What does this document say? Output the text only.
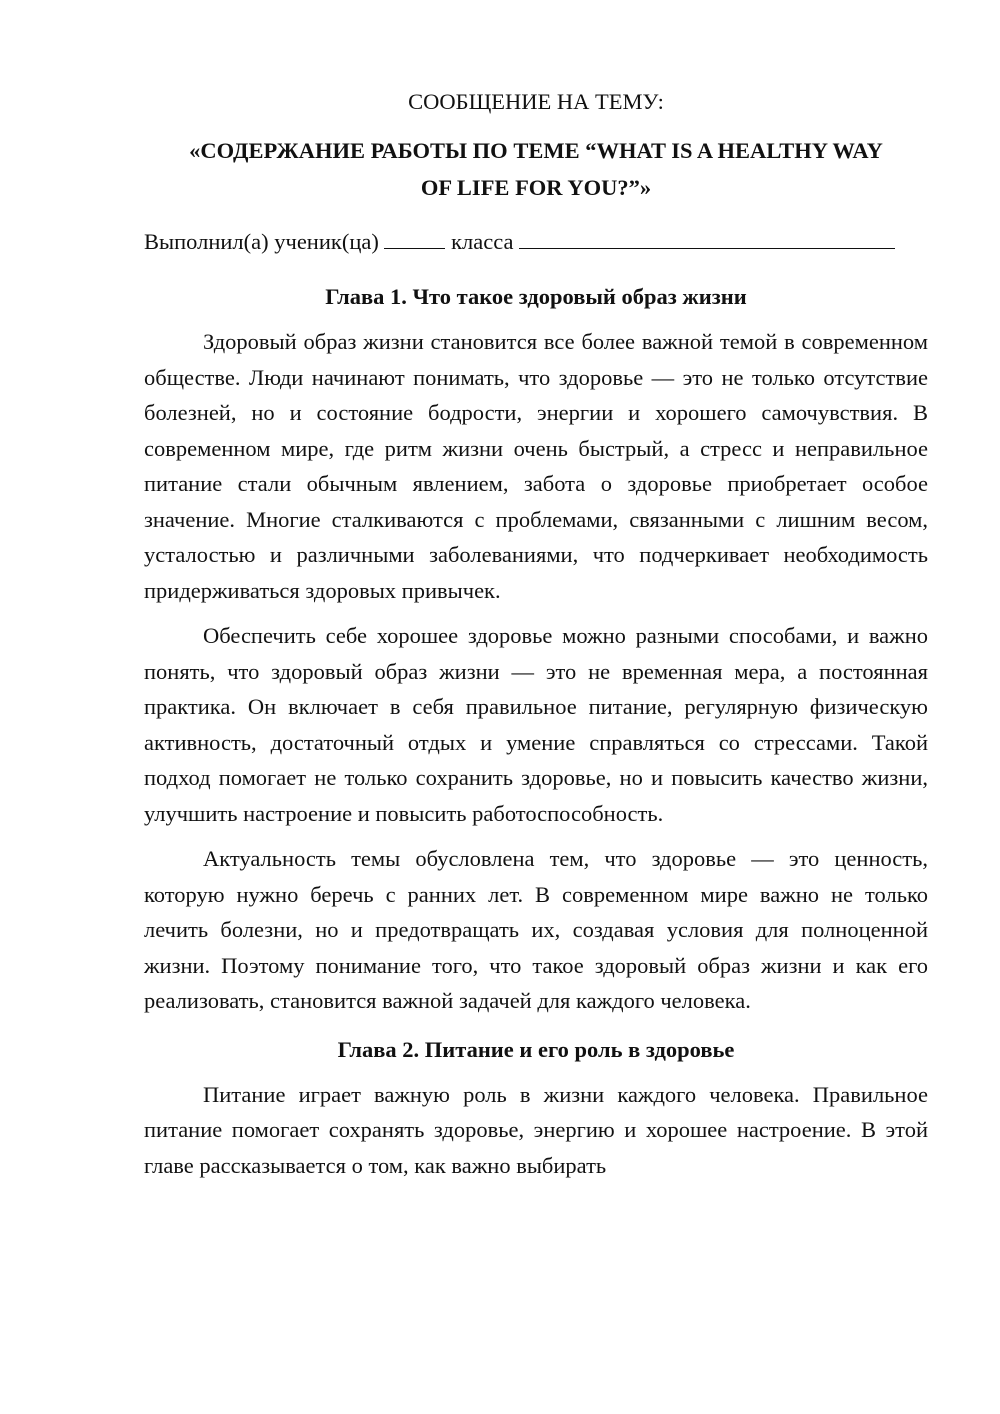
СООБЩЕНИЕ НА ТЕМУ:

«СОДЕРЖАНИЕ РАБОТЫ ПО ТЕМЕ “WHAT IS A HEALTHY WAY

OF LIFE FOR YOU?”»

Выполнил(а) ученик(ца)	класса
Глава 1. Что такое здоровый образ жизни

Здоровый образ жизни становится все более важной темой в современном обществе. Люди начинают понимать, что здоровье — это не только отсутствие болезней, но и состояние бодрости, энергии и хорошего самочувствия. В современном мире, где ритм жизни очень быстрый, а стресс и неправильное питание стали обычным явлением, забота о здоровье приобретает особое значение. Многие сталкиваются с проблемами, связанными с лишним весом, усталостью и различными заболеваниями, что подчеркивает необходимость придерживаться здоровых привычек.

Обеспечить себе хорошее здоровье можно разными способами, и важно понять, что здоровый образ жизни — это не временная мера, а постоянная практика. Он включает в себя правильное питание, регулярную физическую активность, достаточный отдых и умение справляться со стрессами. Такой подход помогает не только сохранить здоровье, но и повысить качество жизни, улучшить настроение и повысить работоспособность.

Актуальность темы обусловлена тем, что здоровье — это ценность, которую нужно беречь с ранних лет. В современном мире важно не только лечить болезни, но и предотвращать их, создавая условия для полноценной жизни. Поэтому понимание того, что такое здоровый образ жизни и как его реализовать, становится важной задачей для каждого человека.

Глава 2. Питание и его роль в здоровье

Питание играет важную роль в жизни каждого человека. Правильное питание помогает сохранять здоровье, энергию и хорошее настроение. В этой главе рассказывается о том, как важно выбирать
